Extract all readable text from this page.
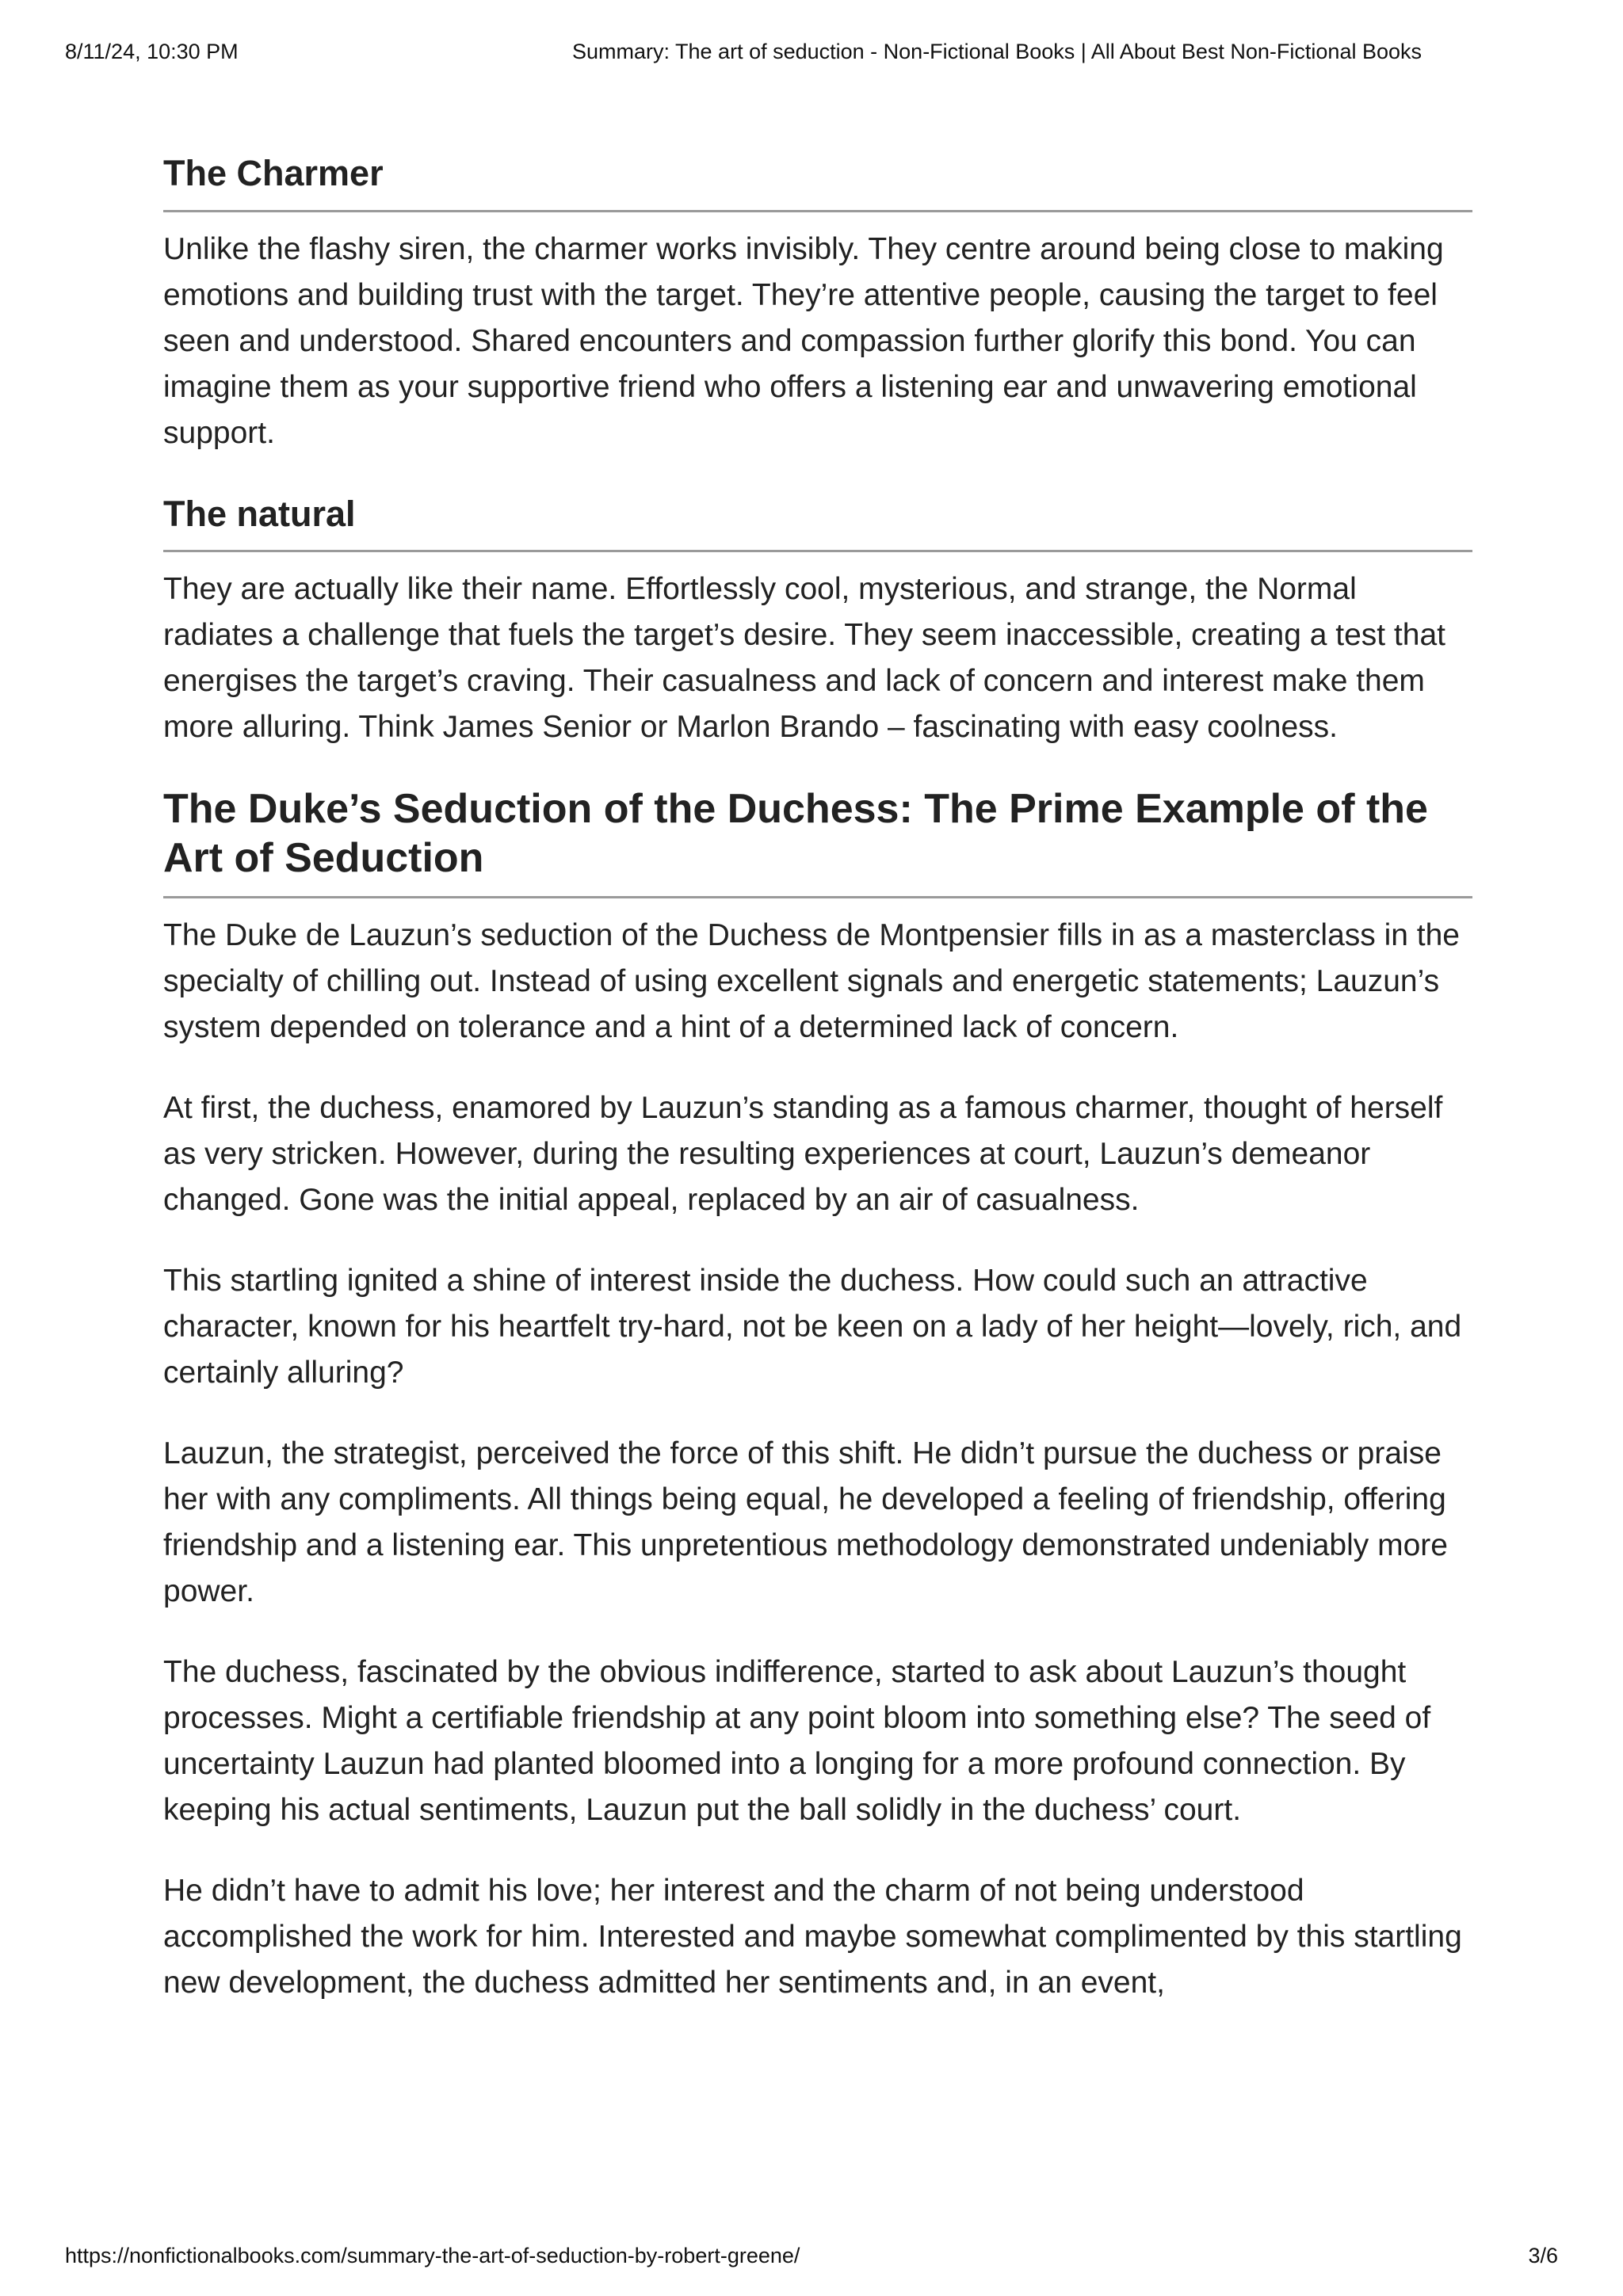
8/11/24, 10:30 PM	Summary: The art of seduction - Non-Fictional Books | All About Best Non-Fictional Books
The Charmer

Unlike the flashy siren, the charmer works invisibly. They centre around being close to making emotions and building trust with the target. They’re attentive people, causing the target to feel seen and understood. Shared encounters and compassion further glorify this bond. You can imagine them as your supportive friend who offers a listening ear and unwavering emotional support.

The natural

They are actually like their name. Effortlessly cool, mysterious, and strange, the Normal radiates a challenge that fuels the target’s desire. They seem inaccessible, creating a test that energises the target’s craving. Their casualness and lack of concern and interest make them more alluring. Think James Senior or Marlon Brando – fascinating with easy coolness.

The Duke’s Seduction of the Duchess: The Prime Example of the Art of Seduction

The Duke de Lauzun’s seduction of the Duchess de Montpensier fills in as a masterclass in the specialty of chilling out. Instead of using excellent signals and energetic statements; Lauzun’s system depended on tolerance and a hint of a determined lack of concern.

At first, the duchess, enamored by Lauzun’s standing as a famous charmer, thought of herself as very stricken. However, during the resulting experiences at court, Lauzun’s demeanor changed. Gone was the initial appeal, replaced by an air of casualness.

This startling ignited a shine of interest inside the duchess. How could such an attractive character, known for his heartfelt try-hard, not be keen on a lady of her height—lovely, rich, and certainly alluring?

Lauzun, the strategist, perceived the force of this shift. He didn’t pursue the duchess or praise her with any compliments. All things being equal, he developed a feeling of friendship, offering friendship and a listening ear. This unpretentious methodology demonstrated undeniably more power.

The duchess, fascinated by the obvious indifference, started to ask about Lauzun’s thought processes. Might a certifiable friendship at any point bloom into something else? The seed of uncertainty Lauzun had planted bloomed into a longing for a more profound connection. By keeping his actual sentiments, Lauzun put the ball solidly in the duchess’ court.

He didn’t have to admit his love; her interest and the charm of not being understood accomplished the work for him. Interested and maybe somewhat complimented by this startling new development, the duchess admitted her sentiments and, in an event,

https://nonfictionalbooks.com/summary-the-art-of-seduction-by-robert-greene/	3/6
